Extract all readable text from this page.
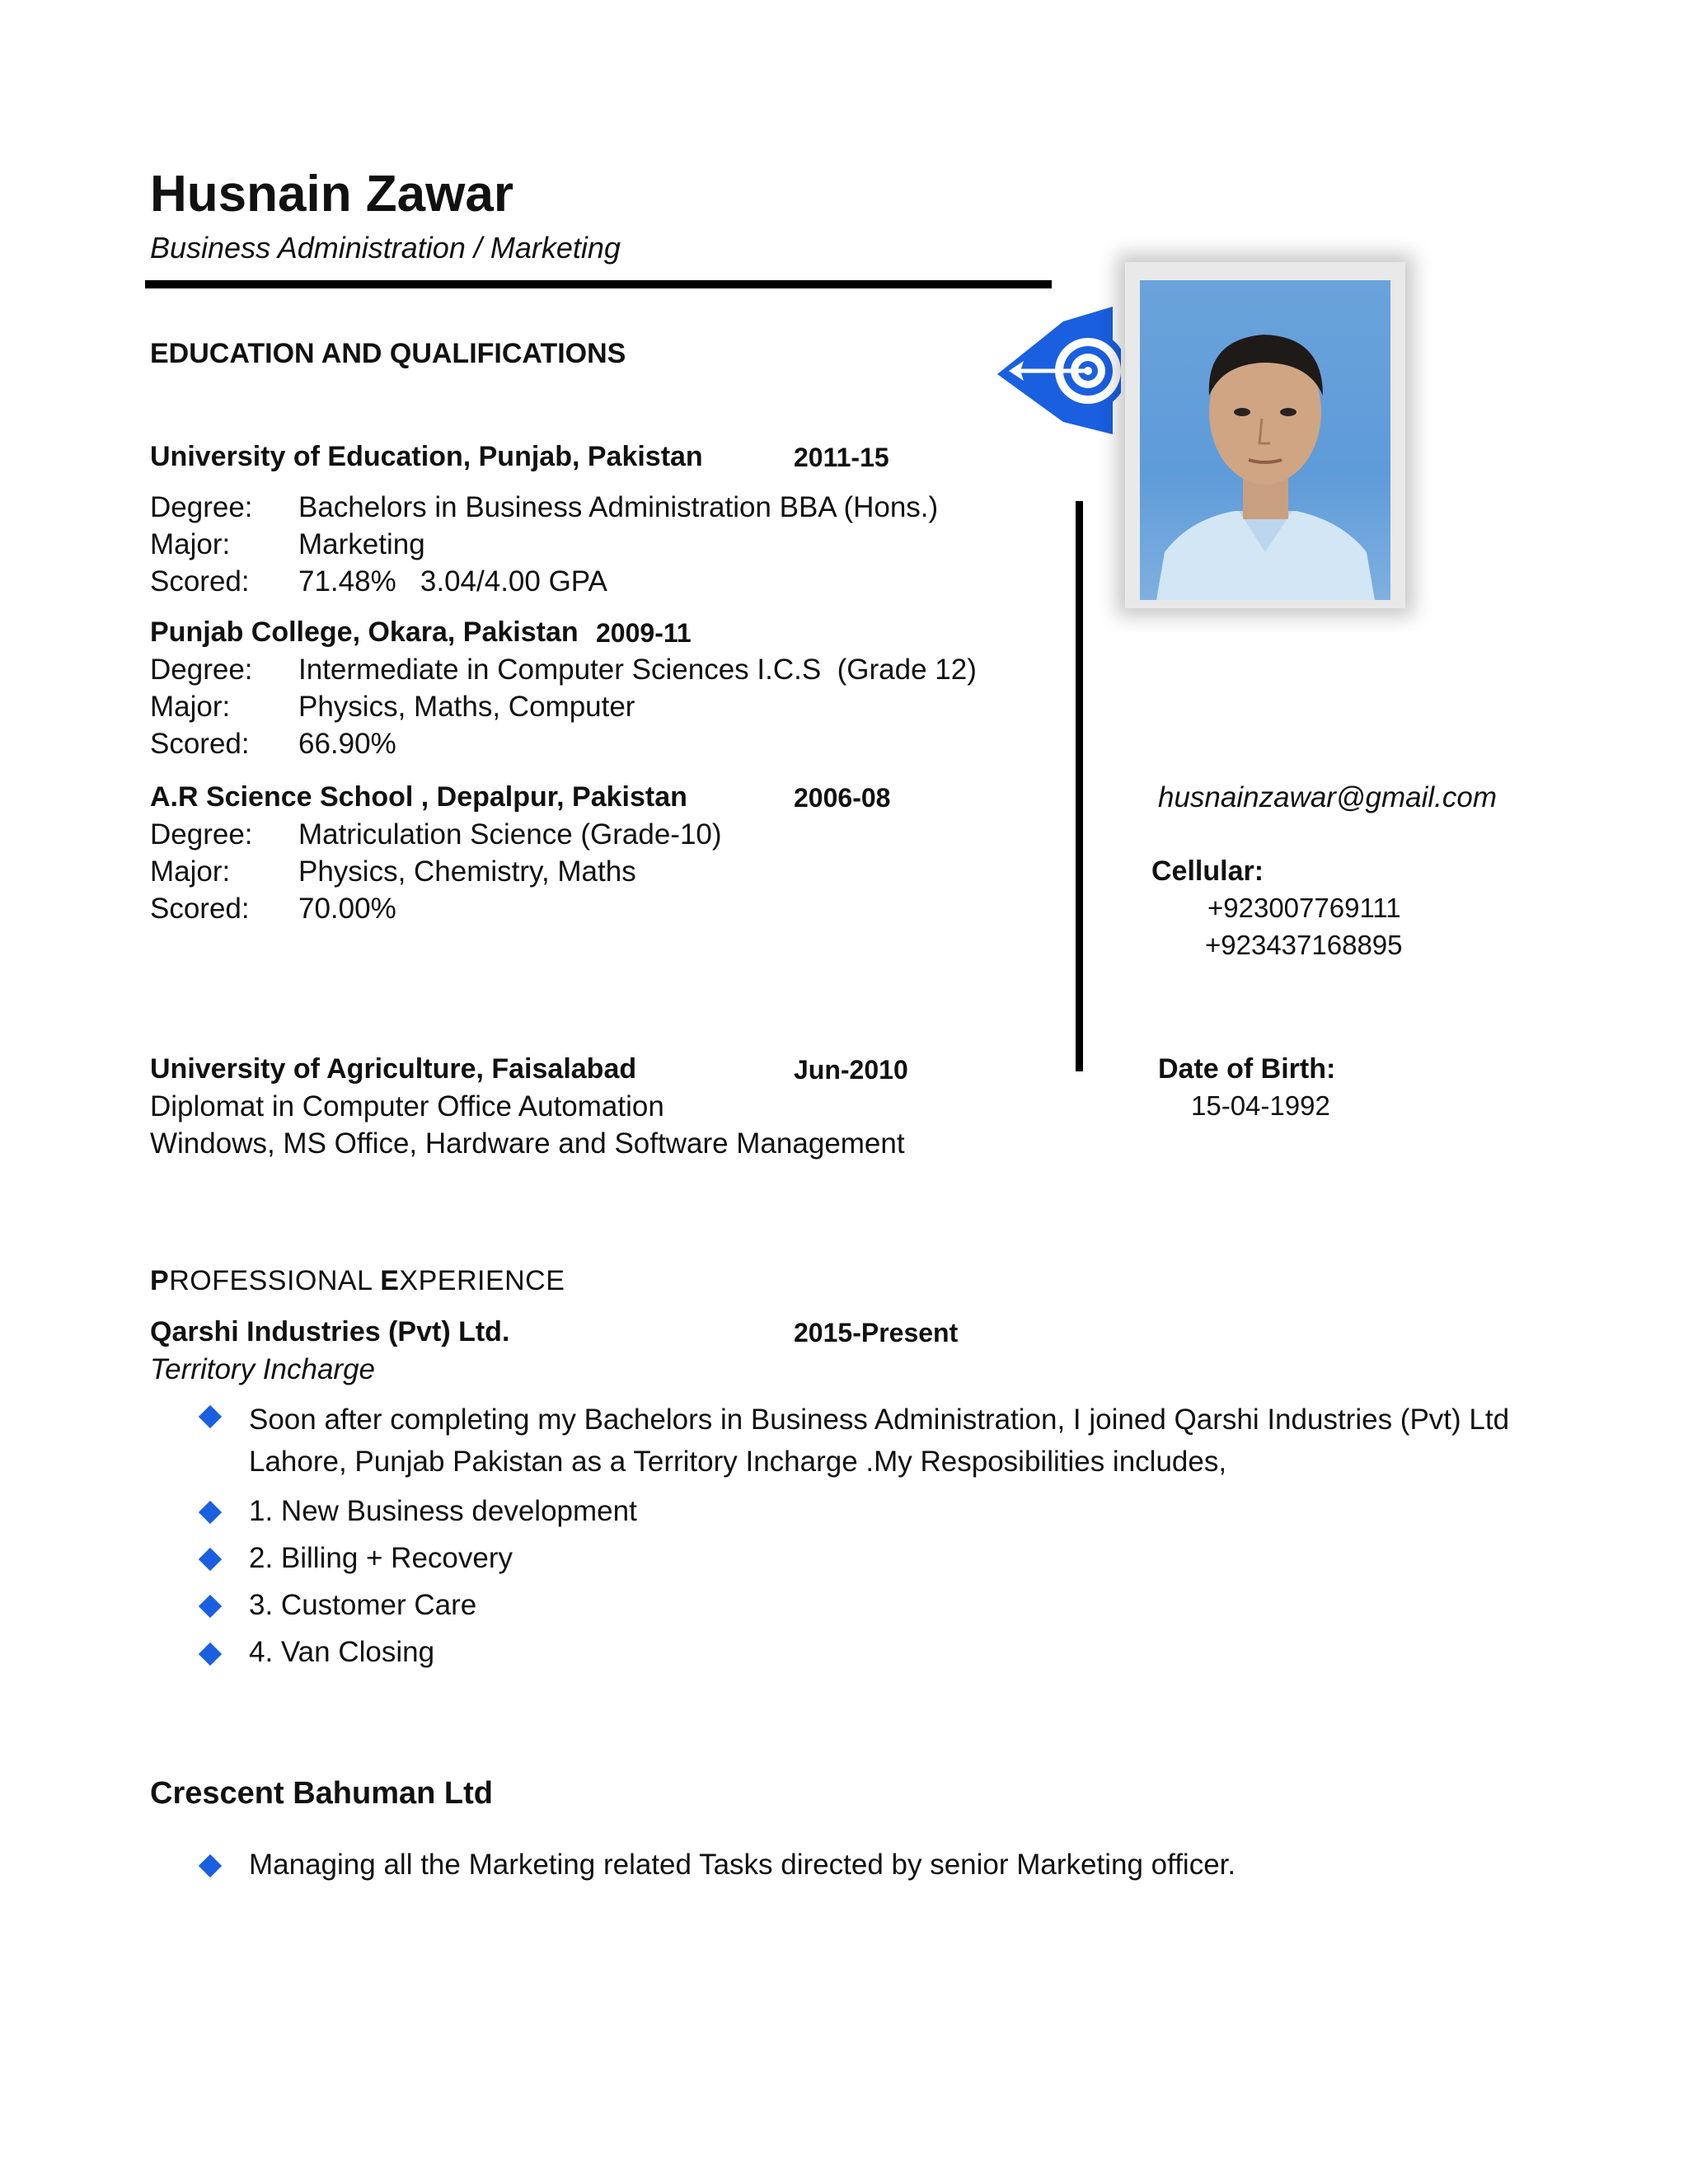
Husnain Zawar
Business Administration / Marketing
EDUCATION AND QUALIFICATIONS
University of Education, Punjab, Pakistan	2011-15
Degree: Bachelors in Business Administration BBA (Hons.)
Major: Marketing
Scored: 71.48%   3.04/4.00 GPA
Punjab College, Okara, Pakistan 2009-11
Degree: Intermediate in Computer Sciences I.C.S  (Grade 12)
Major: Physics, Maths, Computer
Scored: 66.90%
A.R Science School , Depalpur, Pakistan	2006-08
Degree: Matriculation Science (Grade-10)
Major: Physics, Chemistry, Maths
Scored: 70.00%
University of Agriculture, Faisalabad	Jun-2010
Diplomat in Computer Office Automation
Windows, MS Office, Hardware and Software Management
husnainzawar@gmail.com
Cellular:
+923007769111
+923437168895
Date of Birth:
15-04-1992
PROFESSIONAL EXPERIENCE
Qarshi Industries (Pvt) Ltd.	2015-Present
Territory Incharge
Soon after completing my Bachelors in Business Administration, I joined Qarshi Industries (Pvt) Ltd Lahore, Punjab Pakistan as a Territory Incharge .My Resposibilities includes,
1. New Business development
2. Billing + Recovery
3. Customer Care
4. Van Closing
Crescent Bahuman Ltd
Managing all the Marketing related Tasks directed by senior Marketing officer.
